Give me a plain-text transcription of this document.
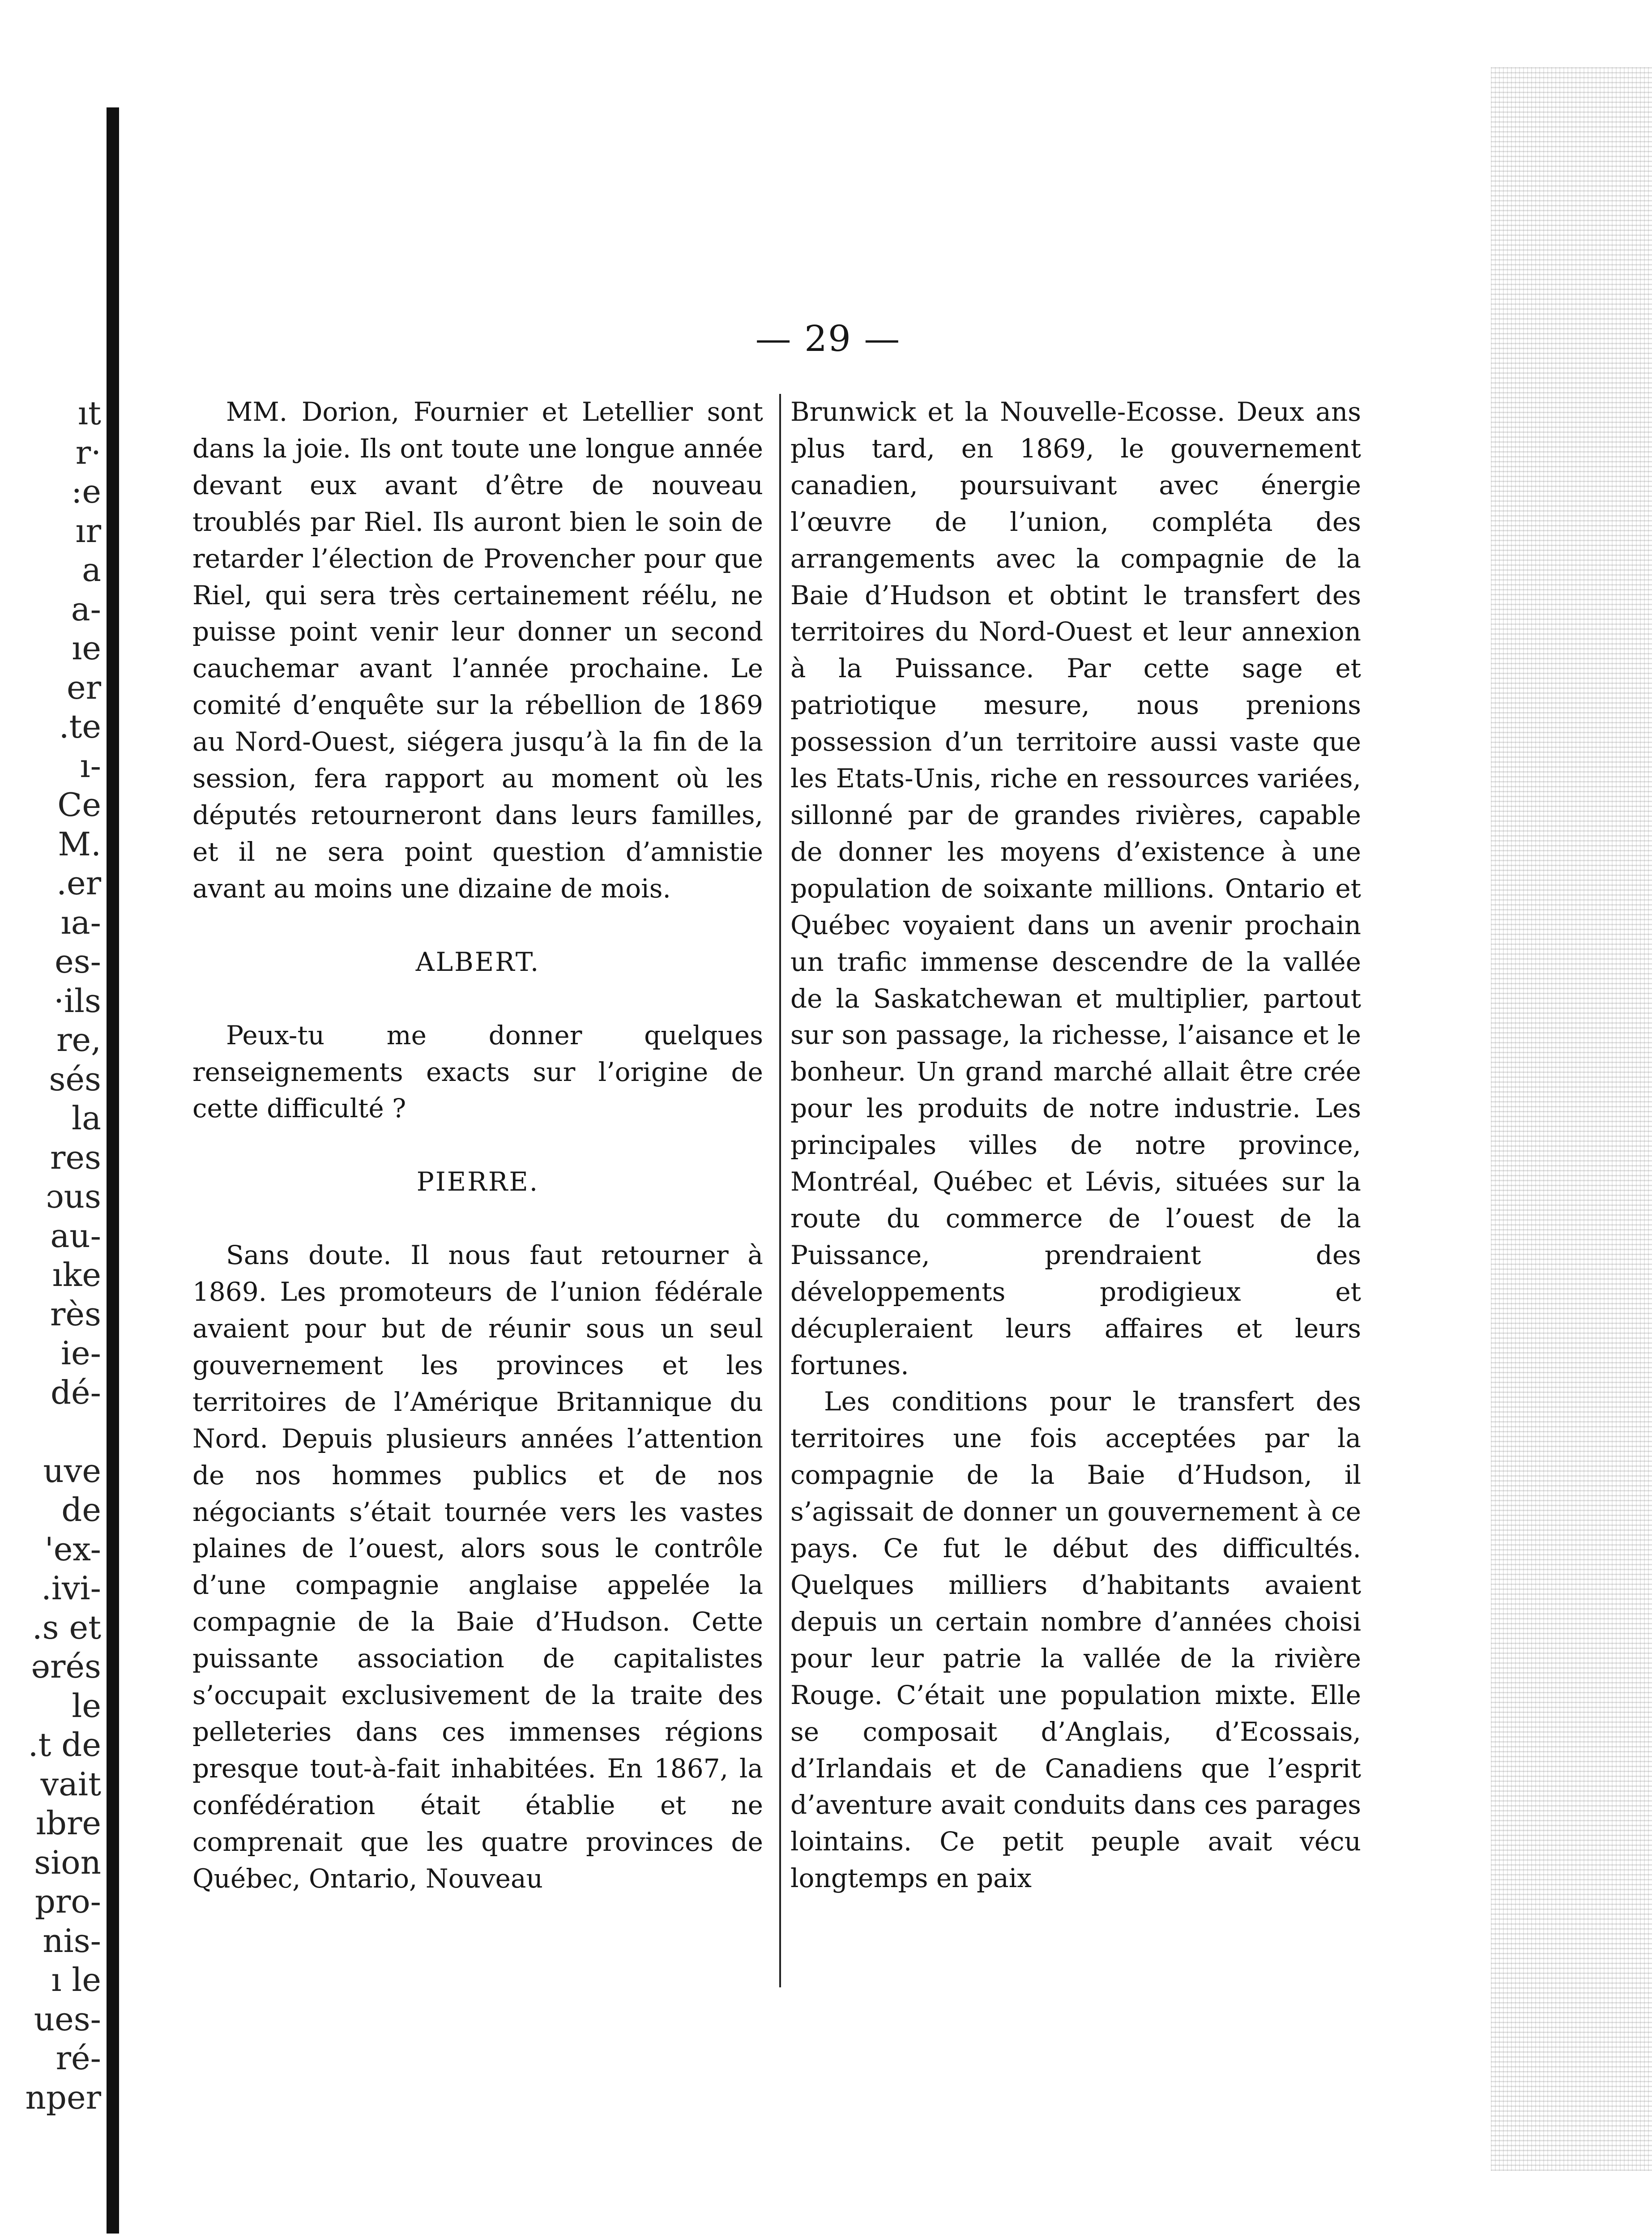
ıt
r·
:e
ır
a
a-
ıe
er
.te
ı-
Ce
M.
.er
ıa-
es-
·ils
re,
sés
la
res
ɔus
au-
ıke
rès
ie-
dé-

uve
de
'ex-
.ivi-
.s et
ərés
le
.t de
vait
ıbre
sion
pro-
nis-
ı le
ues-
ré-
nper
— 29 —

MM. Dorion, Fournier et Letellier sont dans la joie. Ils ont toute une longue année devant eux avant d’être de nouveau troublés par Riel. Ils auront bien le soin de retarder l’élection de Provencher pour que Riel, qui sera très certainement réélu, ne puisse point venir leur donner un second cauchemar avant l’année prochaine. Le comité d’enquête sur la rébellion de 1869 au Nord-Ouest, siégera jusqu’à la fin de la session, fera rapport au moment où les députés retourneront dans leurs familles, et il ne sera point question d’amnistie avant au moins une dizaine de mois.

ALBERT.

Peux-tu me donner quelques renseignements exacts sur l’origine de cette difficulté ?

PIERRE.

Sans doute. Il nous faut retourner à 1869. Les promoteurs de l’union fédérale avaient pour but de réunir sous un seul gouvernement les provinces et les territoires de l’Amérique Britannique du Nord. Depuis plusieurs années l’attention de nos hommes publics et de nos négociants s’était tournée vers les vastes plaines de l’ouest, alors sous le contrôle d’une compagnie anglaise appelée la compagnie de la Baie d’Hudson. Cette puissante association de capitalistes s’occupait exclusivement de la traite des pelleteries dans ces immenses régions presque tout-à-fait inhabitées. En 1867, la confédération était établie et ne comprenait que les quatre provinces de Québec, Ontario, Nouveau

Brunwick et la Nouvelle-Ecosse. Deux ans plus tard, en 1869, le gouvernement canadien, poursuivant avec énergie l’œuvre de l’union, compléta des arrangements avec la compagnie de la Baie d’Hudson et obtint le transfert des territoires du Nord-Ouest et leur annexion à la Puissance. Par cette sage et patriotique mesure, nous prenions possession d’un territoire aussi vaste que les Etats-Unis, riche en ressources variées, sillonné par de grandes rivières, capable de donner les moyens d’existence à une population de soixante millions. Ontario et Québec voyaient dans un avenir prochain un trafic immense descendre de la vallée de la Saskatchewan et multiplier, partout sur son passage, la richesse, l’aisance et le bonheur. Un grand marché allait être crée pour les produits de notre industrie. Les principales villes de notre province, Montréal, Québec et Lévis, situées sur la route du commerce de l’ouest de la Puissance, prendraient des développements prodigieux et décupleraient leurs affaires et leurs fortunes.

Les conditions pour le transfert des territoires une fois acceptées par la compagnie de la Baie d’Hudson, il s’agissait de donner un gouvernement à ce pays. Ce fut le début des difficultés. Quelques milliers d’habitants avaient depuis un certain nombre d’années choisi pour leur patrie la vallée de la rivière Rouge. C’était une population mixte. Elle se composait d’Anglais, d’Ecossais, d’Irlandais et de Canadiens que l’esprit d’aventure avait conduits dans ces parages lointains. Ce petit peuple avait vécu longtemps en paix
